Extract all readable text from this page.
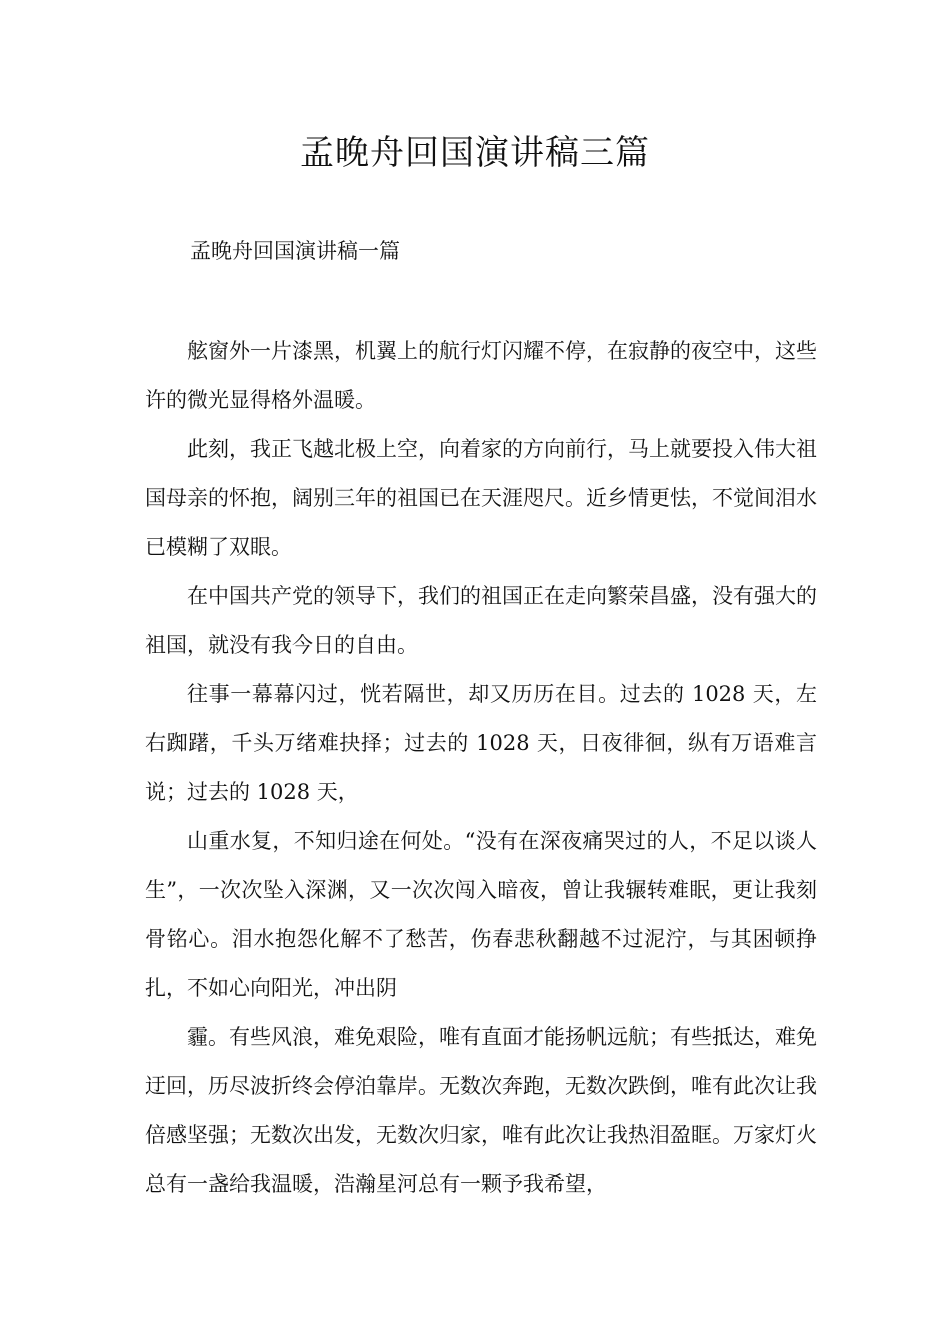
孟晚舟回国演讲稿三篇

孟晚舟回国演讲稿一篇

舷窗外一片漆黑，机翼上的航行灯闪耀不停，在寂静的夜空中，这些许的微光显得格外温暖。

此刻，我正飞越北极上空，向着家的方向前行，马上就要投入伟大祖国母亲的怀抱，阔别三年的祖国已在天涯咫尺。近乡情更怯，不觉间泪水已模糊了双眼。

在中国共产党的领导下，我们的祖国正在走向繁荣昌盛，没有强大的祖国，就没有我今日的自由。

往事一幕幕闪过，恍若隔世，却又历历在目。过去的 1028 天，左右踟躇，千头万绪难抉择；过去的 1028 天，日夜徘徊，纵有万语难言说；过去的 1028 天，

山重水复，不知归途在何处。“没有在深夜痛哭过的人，不足以谈人生”，一次次坠入深渊，又一次次闯入暗夜，曾让我辗转难眠，更让我刻骨铭心。泪水抱怨化解不了愁苦，伤春悲秋翻越不过泥泞，与其困顿挣扎，不如心向阳光，冲出阴

霾。有些风浪，难免艰险，唯有直面才能扬帆远航；有些抵达，难免迂回，历尽波折终会停泊靠岸。无数次奔跑，无数次跌倒，唯有此次让我倍感坚强；无数次出发，无数次归家，唯有此次让我热泪盈眶。万家灯火总有一盏给我温暖，浩瀚星河总有一颗予我希望，
